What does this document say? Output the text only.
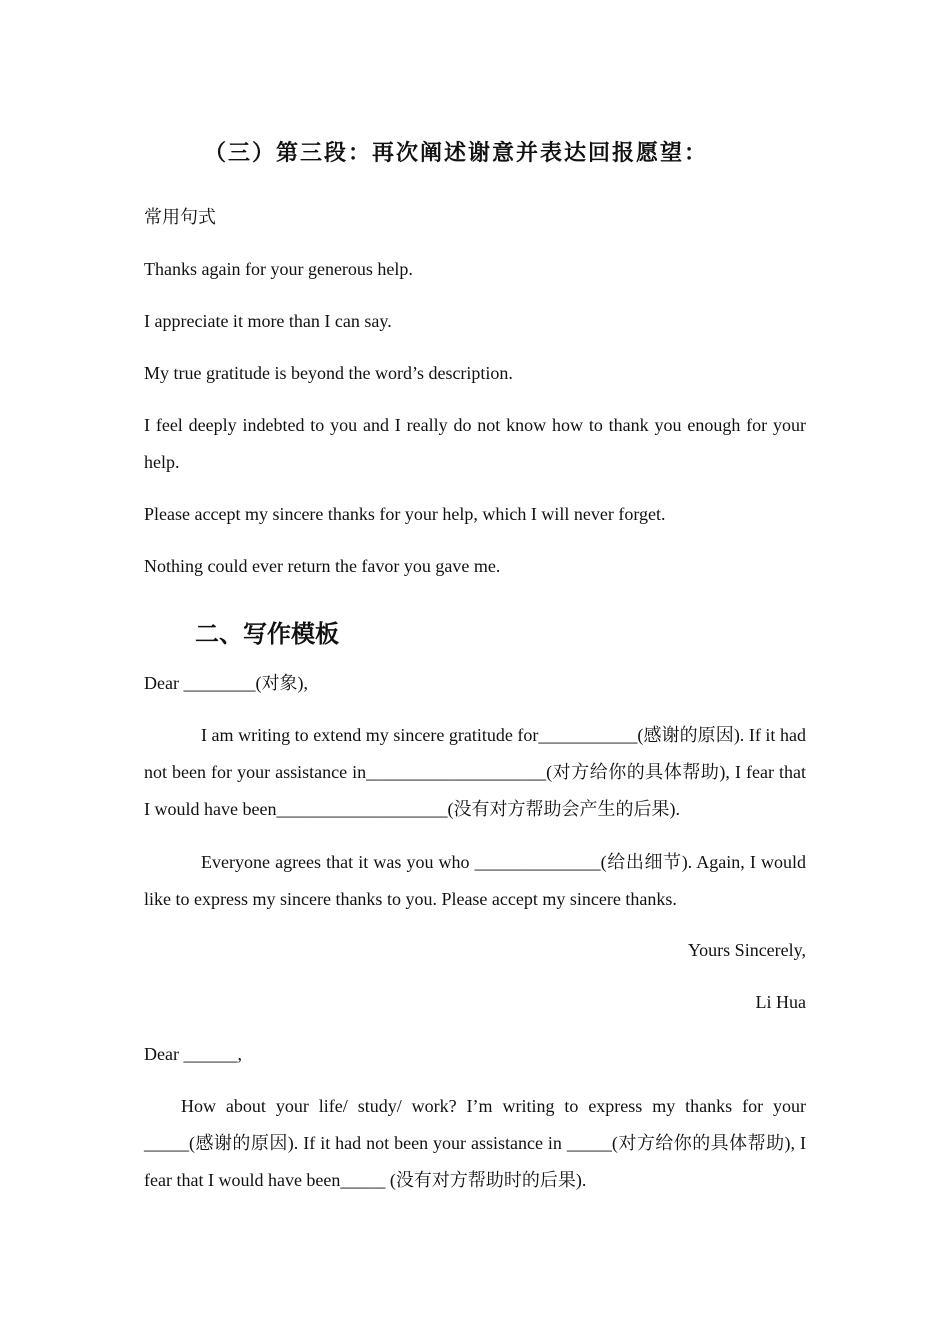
（三）第三段：再次阐述谢意并表达回报愿望：
常用句式
Thanks again for your generous help.
I appreciate it more than I can say.
My true gratitude is beyond the word’s description.
I feel deeply indebted to you and I really do not know how to thank you enough for your help.
Please accept my sincere thanks for your help, which I will never forget.
Nothing could ever return the favor you gave me.
二、写作模板
Dear ________(对象),
I am writing to extend my sincere gratitude for___________(感谢的原因). If it had not been for your assistance in____________________(对方给你的具体帮助), I fear that I would have been___________________(没有对方帮助会产生的后果).
Everyone agrees that it was you who ______________(给出细节). Again, I would like to express my sincere thanks to you. Please accept my sincere thanks.
Yours Sincerely,
Li Hua
Dear ______,
How about your life/ study/ work? I’m writing to express my thanks for your _____(感谢的原因). If it had not been your assistance in _____(对方给你的具体帮助), I fear that I would have been_____ (没有对方帮助时的后果).
